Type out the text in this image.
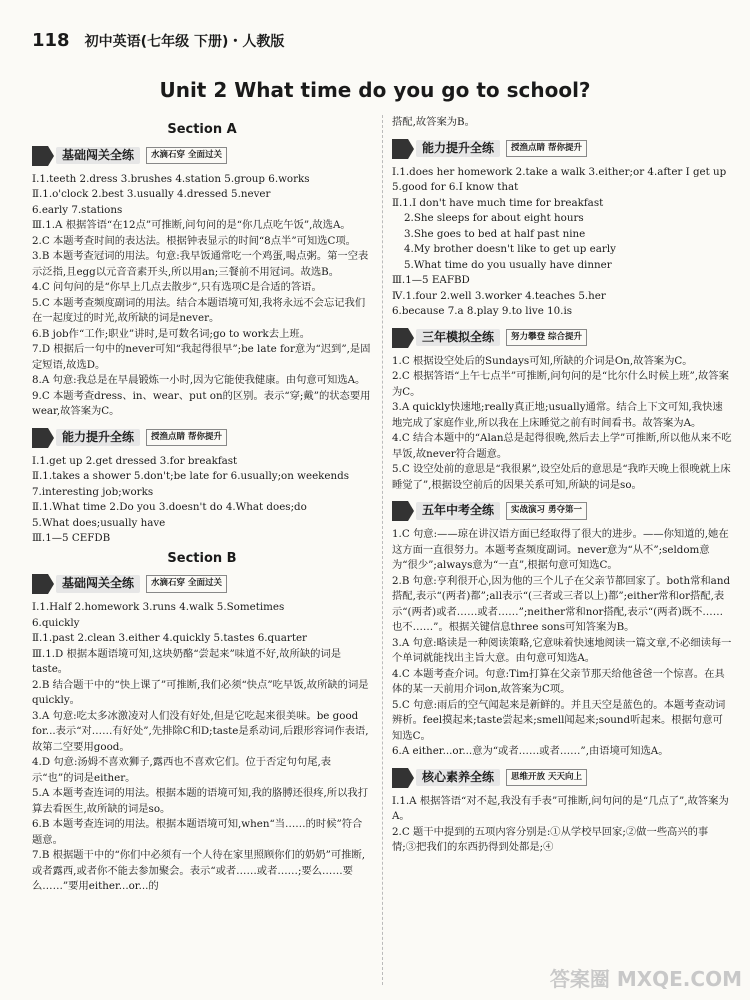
118 初中英语(七年级 下册)・人教版
Unit 2 What time do you go to school?
Section A
基础闯关全练	水滴石穿 全面过关
Ⅰ.1.teeth 2.dress 3.brushes 4.station 5.group 6.works
Ⅱ.1.o'clock 2.best 3.usually 4.dressed 5.never
6.early 7.stations
Ⅲ.1.A 根据答语“在12点”可推断,问句问的是“你几点吃午饭”,故选A。
2.C 本题考查时间的表达法。根据钟表显示的时间“8点半”可知选C项。
3.B 本题考查冠词的用法。句意:我早饭通常吃一个鸡蛋,喝点粥。第一空表示泛指,且egg以元音音素开头,所以用an;三餐前不用冠词。故选B。
4.C 问句问的是“你早上几点去散步”,只有选项C是合适的答语。
5.C 本题考查频度副词的用法。结合本题语境可知,我将永远不会忘记我们在一起度过的时光,故所缺的词是never。
6.B job作“工作;职业”讲时,是可数名词;go to work去上班。
7.D 根据后一句中的never可知“我起得很早”;be late for意为“迟到”,是固定短语,故选D。
8.A 句意:我总是在早晨锻炼一小时,因为它能使我健康。由句意可知选A。
9.C 本题考查dress、in、wear、put on的区别。表示“穿;戴”的状态要用wear,故答案为C。
能力提升全练	授渔点睛 帮你提升
Ⅰ.1.get up 2.get dressed 3.for breakfast
Ⅱ.1.takes a shower 5.don't;be late for 6.usually;on weekends
7.interesting job;works
Ⅱ.1.What time 2.Do you 3.doesn't do 4.What does;do
5.What does;usually have
Ⅲ.1—5 CEFDB
Section B
基础闯关全练	水滴石穿 全面过关
Ⅰ.1.Half 2.homework 3.runs 4.walk 5.Sometimes
6.quickly
Ⅱ.1.past 2.clean 3.either 4.quickly 5.tastes 6.quarter
Ⅲ.1.D 根据本题语境可知,这块奶酪“尝起来”味道不好,故所缺的词是taste。
2.B 结合题干中的“快上课了”可推断,我们必须“快点”吃早饭,故所缺的词是quickly。
3.A 句意:吃太多冰激凌对人们没有好处,但是它吃起来很美味。be good for...表示“对……有好处”,先排除C和D;taste是系动词,后跟形容词作表语,故第二空要用good。
4.D 句意:汤姆不喜欢狮子,露西也不喜欢它们。位于否定句句尾,表示“也”的词是either。
5.A 本题考查连词的用法。根据本题的语境可知,我的胳膊还很疼,所以我打算去看医生,故所缺的词是so。
6.B 本题考查连词的用法。根据本题语境可知,when“当……的时候”符合题意。
7.B 根据题干中的“你们中必须有一个人待在家里照顾你们的奶奶”可推断,或者露西,或者你不能去参加聚会。表示“或者……或者……;要么……要么……”要用either...or...的
搭配,故答案为B。
能力提升全练	授渔点睛 帮你提升
Ⅰ.1.does her homework 2.take a walk 3.either;or 4.after I get up
5.good for 6.I know that
Ⅱ.1.I don't have much time for breakfast
2.She sleeps for about eight hours
3.She goes to bed at half past nine
4.My brother doesn't like to get up early
5.What time do you usually have dinner
Ⅲ.1—5 EAFBD
Ⅳ.1.four 2.well 3.worker 4.teaches 5.her
6.because 7.a 8.play 9.to live 10.is
三年模拟全练	努力攀登 综合提升
1.C 根据设空处后的Sundays可知,所缺的介词是On,故答案为C。
2.C 根据答语“上午七点半”可推断,问句问的是“比尔什么时候上班”,故答案为C。
3.A quickly快速地;really真正地;usually通常。结合上下文可知,我快速地完成了家庭作业,所以我在上床睡觉之前有时间看书。故答案为A。
4.C 结合本题中的“Alan总是起得很晚,然后去上学”可推断,所以他从来不吃早饭,故never符合题意。
5.C 设空处前的意思是“我很累”,设空处后的意思是“我昨天晚上很晚就上床睡觉了”,根据设空前后的因果关系可知,所缺的词是so。
五年中考全练	实战演习 勇夺第一
1.C 句意:——琼在讲汉语方面已经取得了很大的进步。——你知道的,她在这方面一直很努力。本题考查频度副词。never意为“从不”;seldom意为“很少”;always意为“一直”,根据句意可知选C。
2.B 句意:亨利很开心,因为他的三个儿子在父亲节都回家了。both常和and搭配,表示“(两者)都”;all表示“(三者或三者以上)都”;either常和or搭配,表示“(两者)或者……或者……”;neither常和nor搭配,表示“(两者)既不……也不……”。根据关键信息three sons可知答案为B。
3.A 句意:略读是一种阅读策略,它意味着快速地阅读一篇文章,不必细读每一个单词就能找出主旨大意。由句意可知选A。
4.C 本题考查介词。句意:Tim打算在父亲节那天给他爸爸一个惊喜。在具体的某一天前用介词on,故答案为C项。
5.C 句意:雨后的空气闻起来是新鲜的。并且天空是蓝色的。本题考查动词辨析。feel摸起来;taste尝起来;smell闻起来;sound听起来。根据句意可知选C。
6.A either...or...意为“或者……或者……”,由语境可知选A。
核心素养全练	思维开放 天天向上
Ⅰ.1.A 根据答语“对不起,我没有手表”可推断,问句问的是“几点了”,故答案为A。
2.C 题干中提到的五项内容分别是:①从学校早回家;②做一些高兴的事情;③把我们的东西扔得到处都是;④
答案圈 MXQE.COM
